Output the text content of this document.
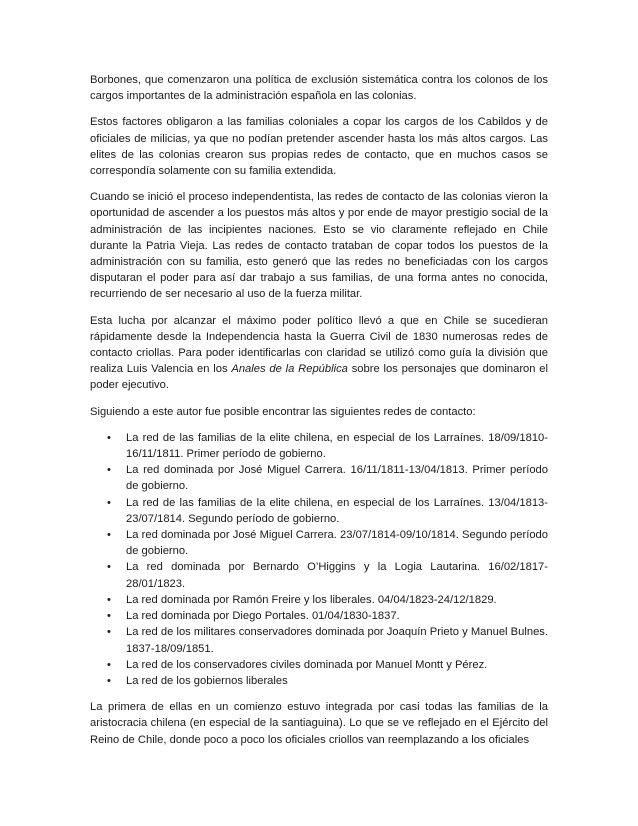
Borbones, que comenzaron una política de exclusión sistemática contra los colonos de los cargos importantes de la administración española en las colonias.

Estos factores obligaron a las familias coloniales a copar los cargos de los Cabildos y de oficiales de milicias, ya que no podían pretender ascender hasta los más altos cargos. Las elites de las colonias crearon sus propias redes de contacto, que en muchos casos se correspondía solamente con su familia extendida.

Cuando se inició el proceso independentista, las redes de contacto de las colonias vieron la oportunidad de ascender a los puestos más altos y por ende de mayor prestigio social de la administración de las incipientes naciones. Esto se vio claramente reflejado en Chile durante la Patria Vieja. Las redes de contacto trataban de copar todos los puestos de la administración con su familia, esto generó que las redes no beneficiadas con los cargos disputaran el poder para así dar trabajo a sus familias, de una forma antes no conocida, recurriendo de ser necesario al uso de la fuerza militar.

Esta lucha por alcanzar el máximo poder político llevó a que en Chile se sucedieran rápidamente desde la Independencia hasta la Guerra Civil de 1830 numerosas redes de contacto criollas. Para poder identificarlas con claridad se utilizó como guía la división que realiza Luis Valencia en los Anales de la República sobre los personajes que dominaron el poder ejecutivo.

Siguiendo a este autor fue posible encontrar las siguientes redes de contacto:

• La red de las familias de la elite chilena, en especial de los Larraínes. 18/09/1810-16/11/1811. Primer período de gobierno.
• La red dominada por José Miguel Carrera. 16/11/1811-13/04/1813. Primer período de gobierno.
• La red de las familias de la elite chilena, en especial de los Larraínes. 13/04/1813-23/07/1814. Segundo período de gobierno.
• La red dominada por José Miguel Carrera. 23/07/1814-09/10/1814. Segundo período de gobierno.
• La red dominada por Bernardo O’Higgins y la Logia Lautarina. 16/02/1817-28/01/1823.
• La red dominada por Ramón Freire y los liberales. 04/04/1823-24/12/1829.
• La red dominada por Diego Portales. 01/04/1830-1837.
• La red de los militares conservadores dominada por Joaquín Prieto y Manuel Bulnes. 1837-18/09/1851.
• La red de los conservadores civiles dominada por Manuel Montt y Pérez.
• La red de los gobiernos liberales

La primera de ellas en un comienzo estuvo integrada por casi todas las familias de la aristocracia chilena (en especial de la santiaguina). Lo que se ve reflejado en el Ejército del Reino de Chile, donde poco a poco los oficiales criollos van reemplazando a los oficiales
